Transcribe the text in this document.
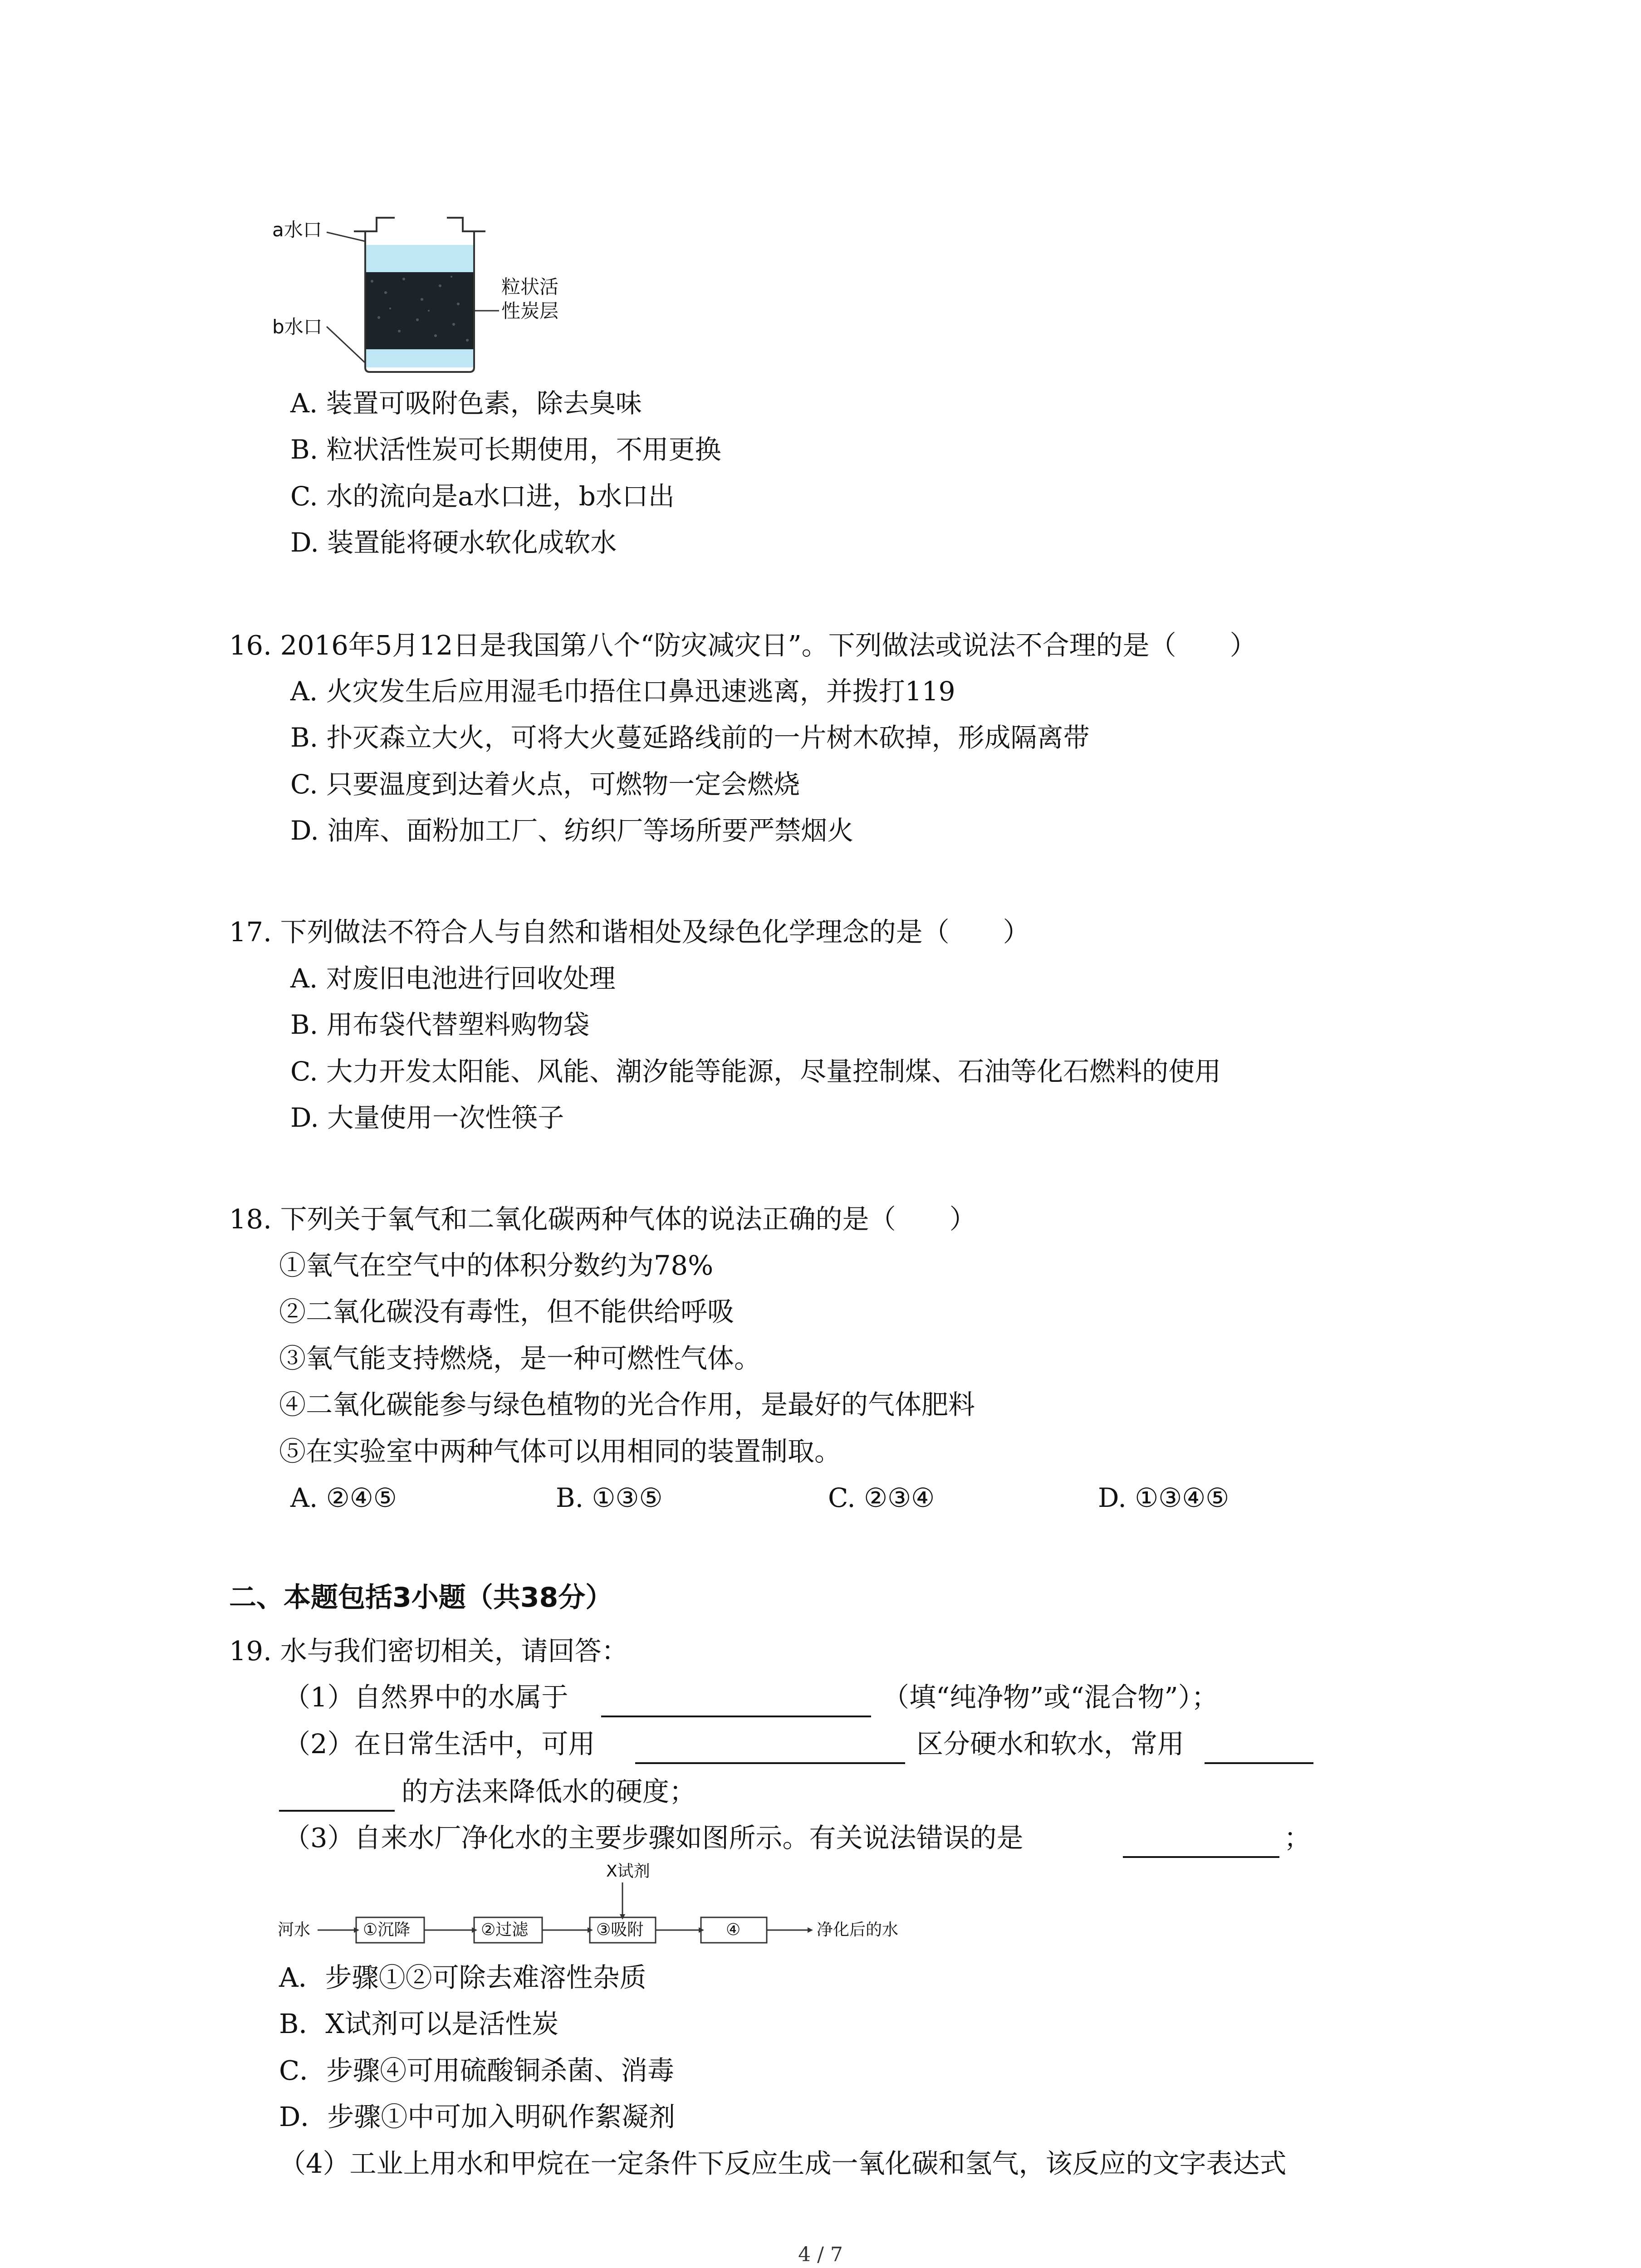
a水口
b水口
粒状活
性炭层
A. 装置可吸附色素，除去臭味
B. 粒状活性炭可长期使用，不用更换
C. 水的流向是a水口进，b水口出
D. 装置能将硬水软化成软水
16. 2016年5月12日是我国第八个“防灾减灾日”。下列做法或说法不合理的是（　　）
A. 火灾发生后应用湿毛巾捂住口鼻迅速逃离，并拨打119
B. 扑灭森立大火，可将大火蔓延路线前的一片树木砍掉，形成隔离带
C. 只要温度到达着火点，可燃物一定会燃烧
D. 油库、面粉加工厂、纺织厂等场所要严禁烟火
17. 下列做法不符合人与自然和谐相处及绿色化学理念的是（　　）
A. 对废旧电池进行回收处理
B. 用布袋代替塑料购物袋
C. 大力开发太阳能、风能、潮汐能等能源，尽量控制煤、石油等化石燃料的使用
D. 大量使用一次性筷子
18. 下列关于氧气和二氧化碳两种气体的说法正确的是（　　）
①氧气在空气中的体积分数约为78%
②二氧化碳没有毒性，但不能供给呼吸
③氧气能支持燃烧，是一种可燃性气体。
④二氧化碳能参与绿色植物的光合作用，是最好的气体肥料
⑤在实验室中两种气体可以用相同的装置制取。
A. ②④⑤	B. ①③⑤	C. ②③④	D. ①③④⑤
二、本题包括3小题（共38分）
19. 水与我们密切相关，请回答：
（1）自然界中的水属于	（填“纯净物”或“混合物”）；
（2）在日常生活中，可用	区分硬水和软水，常用
的方法来降低水的硬度；
（3）自来水厂净化水的主要步骤如图所示。有关说法错误的是	；
X试剂
河水	①沉降	②过滤	③吸附	④	净化后的水
A．步骤①②可除去难溶性杂质
B．X试剂可以是活性炭
C．步骤④可用硫酸铜杀菌、消毒
D．步骤①中可加入明矾作絮凝剂
（4）工业上用水和甲烷在一定条件下反应生成一氧化碳和氢气，该反应的文字表达式
4 / 7
